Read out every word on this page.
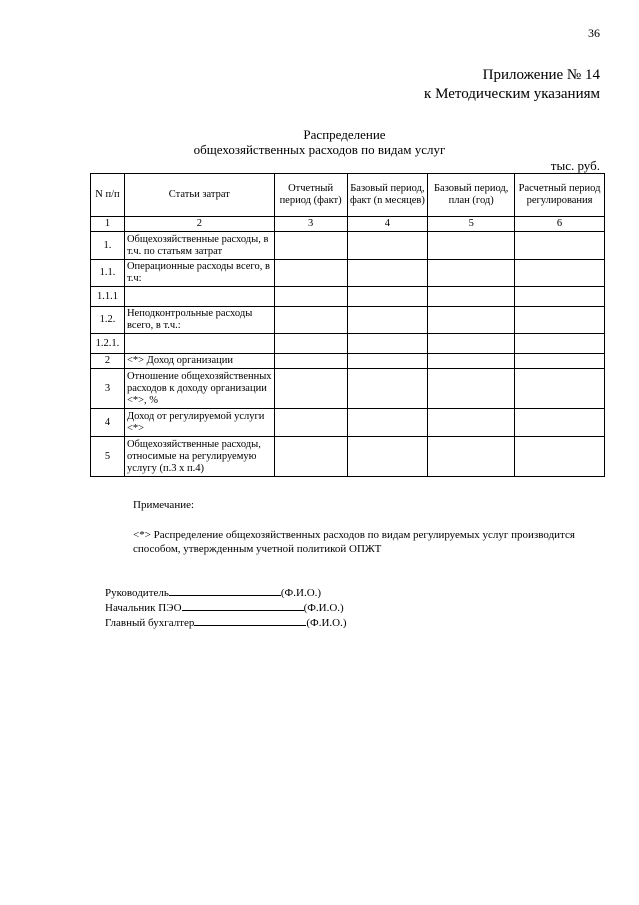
36
Приложение № 14
к Методическим указаниям
Распределение
общехозяйственных расходов по видам услуг
тыс. руб.
N п/п	Статьи затрат	Отчетный период (факт)	Базовый период, факт (n месяцев)	Базовый период, план (год)	Расчетный период регулирования
1	2	3	4	5	6
1.	Общехозяйственные расходы, в т.ч. по статьям затрат				
1.1.	Операционные расходы всего, в т.ч:				
1.1.1					
1.2.	Неподконтрольные расходы всего, в т.ч.:				
1.2.1.					
2	<*> Доход организации				
3	Отношение общехозяйственных расходов к доходу организации <*>, %				
4	Доход от регулируемой услуги <*>				
5	Общехозяйственные расходы, относимые на регулируемую услугу (п.3 х п.4)				
Примечание:
<*> Распределение общехозяйственных расходов по видам регулируемых услуг производится способом, утвержденным учетной политикой ОПЖТ
Руководитель	(Ф.И.О.)
Начальник ПЭО	(Ф.И.О.)
Главный бухгалтер	(Ф.И.О.)
